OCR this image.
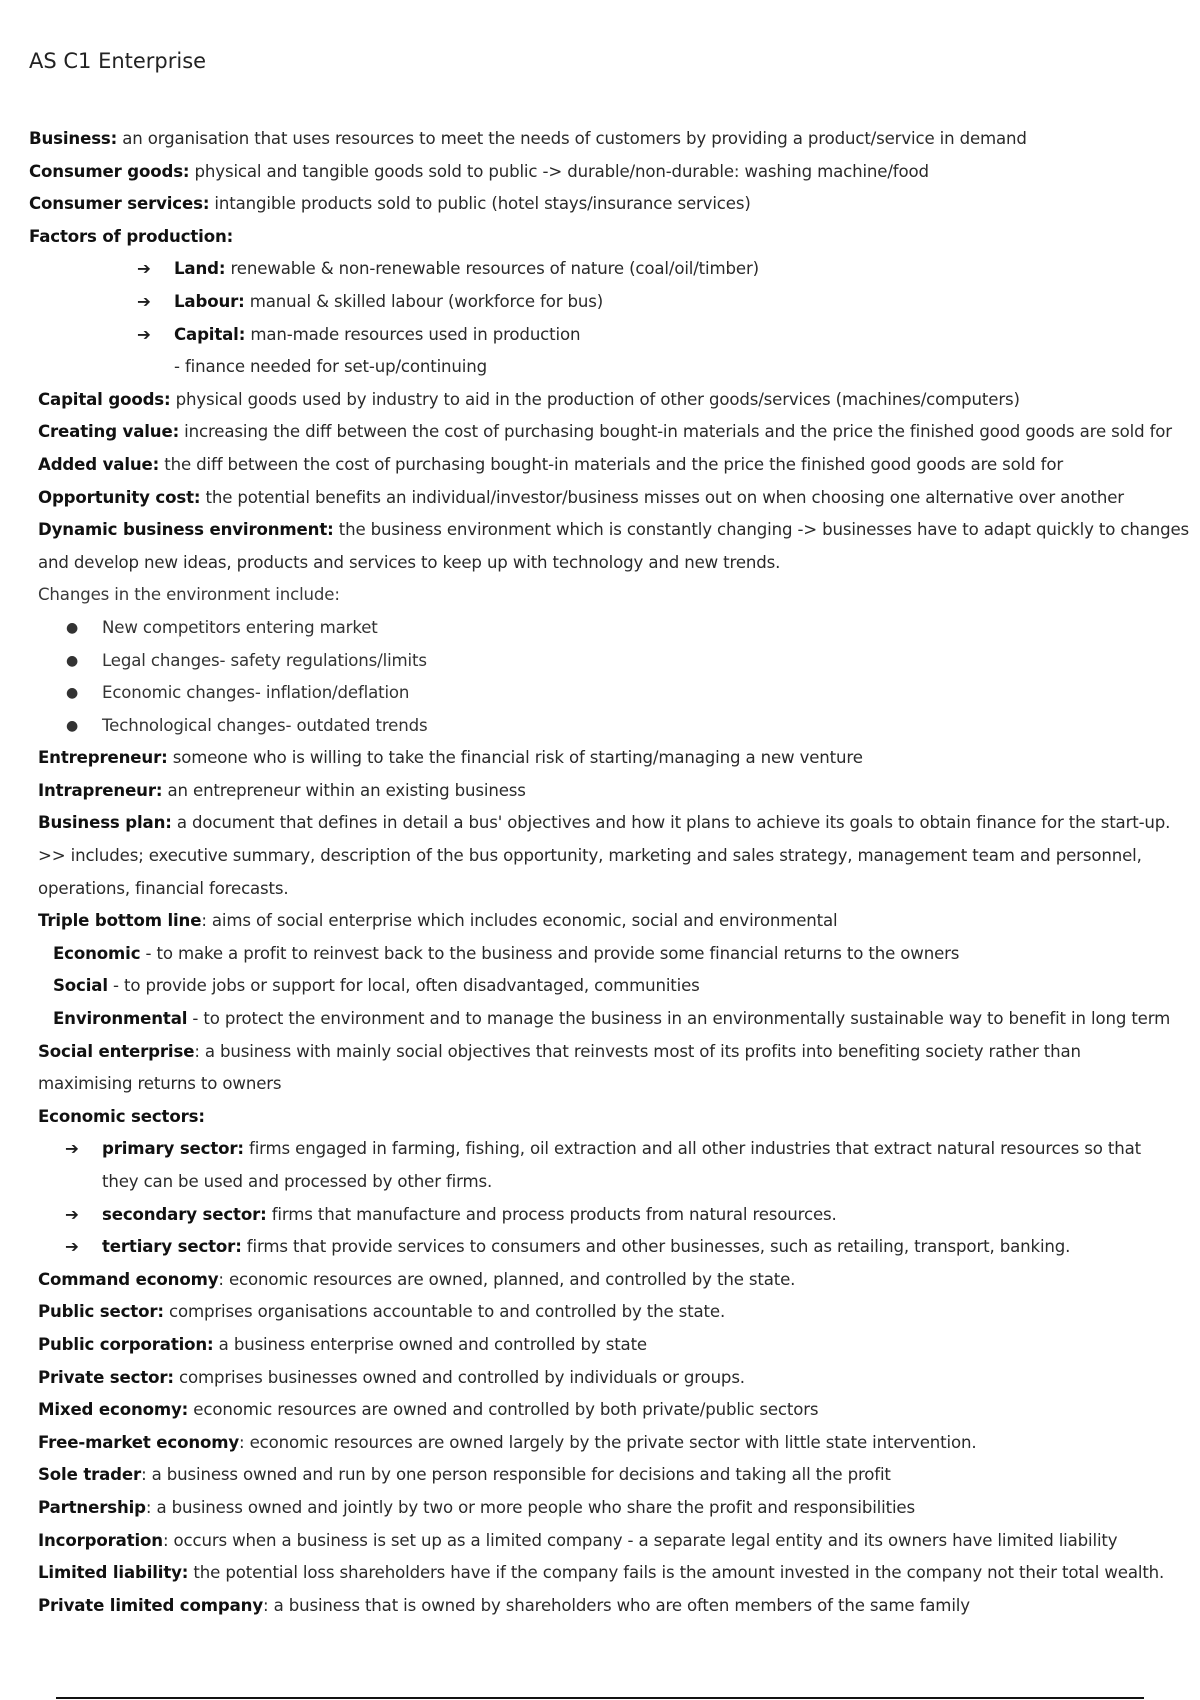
AS C1 Enterprise
Business: an organisation that uses resources to meet the needs of customers by providing a product/service in demand
Consumer goods: physical and tangible goods sold to public -> durable/non-durable: washing machine/food
Consumer services: intangible products sold to public (hotel stays/insurance services)
Factors of production:
➔ Land: renewable & non-renewable resources of nature (coal/oil/timber)
➔ Labour: manual & skilled labour (workforce for bus)
➔ Capital: man-made resources used in production
- finance needed for set-up/continuing
Capital goods: physical goods used by industry to aid in the production of other goods/services (machines/computers)
Creating value: increasing the diff between the cost of purchasing bought-in materials and the price the finished good goods are sold for
Added value: the diff between the cost of purchasing bought-in materials and the price the finished good goods are sold for
Opportunity cost: the potential benefits an individual/investor/business misses out on when choosing one alternative over another
Dynamic business environment: the business environment which is constantly changing -> businesses have to adapt quickly to changes
and develop new ideas, products and services to keep up with technology and new trends.
Changes in the environment include:
● New competitors entering market
● Legal changes- safety regulations/limits
● Economic changes- inflation/deflation
● Technological changes- outdated trends
Entrepreneur: someone who is willing to take the financial risk of starting/managing a new venture
Intrapreneur: an entrepreneur within an existing business
Business plan: a document that defines in detail a bus' objectives and how it plans to achieve its goals to obtain finance for the start-up.
>> includes; executive summary, description of the bus opportunity, marketing and sales strategy, management team and personnel,
operations, financial forecasts.
Triple bottom line: aims of social enterprise which includes economic, social and environmental
Economic - to make a profit to reinvest back to the business and provide some financial returns to the owners
Social - to provide jobs or support for local, often disadvantaged, communities
Environmental - to protect the environment and to manage the business in an environmentally sustainable way to benefit in long term
Social enterprise: a business with mainly social objectives that reinvests most of its profits into benefiting society rather than
maximising returns to owners
Economic sectors:
➔ primary sector: firms engaged in farming, fishing, oil extraction and all other industries that extract natural resources so that
they can be used and processed by other firms.
➔ secondary sector: firms that manufacture and process products from natural resources.
➔ tertiary sector: firms that provide services to consumers and other businesses, such as retailing, transport, banking.
Command economy: economic resources are owned, planned, and controlled by the state.
Public sector: comprises organisations accountable to and controlled by the state.
Public corporation: a business enterprise owned and controlled by state
Private sector: comprises businesses owned and controlled by individuals or groups.
Mixed economy: economic resources are owned and controlled by both private/public sectors
Free-market economy: economic resources are owned largely by the private sector with little state intervention.
Sole trader: a business owned and run by one person responsible for decisions and taking all the profit
Partnership: a business owned and jointly by two or more people who share the profit and responsibilities
Incorporation: occurs when a business is set up as a limited company - a separate legal entity and its owners have limited liability
Limited liability: the potential loss shareholders have if the company fails is the amount invested in the company not their total wealth.
Private limited company: a business that is owned by shareholders who are often members of the same family
